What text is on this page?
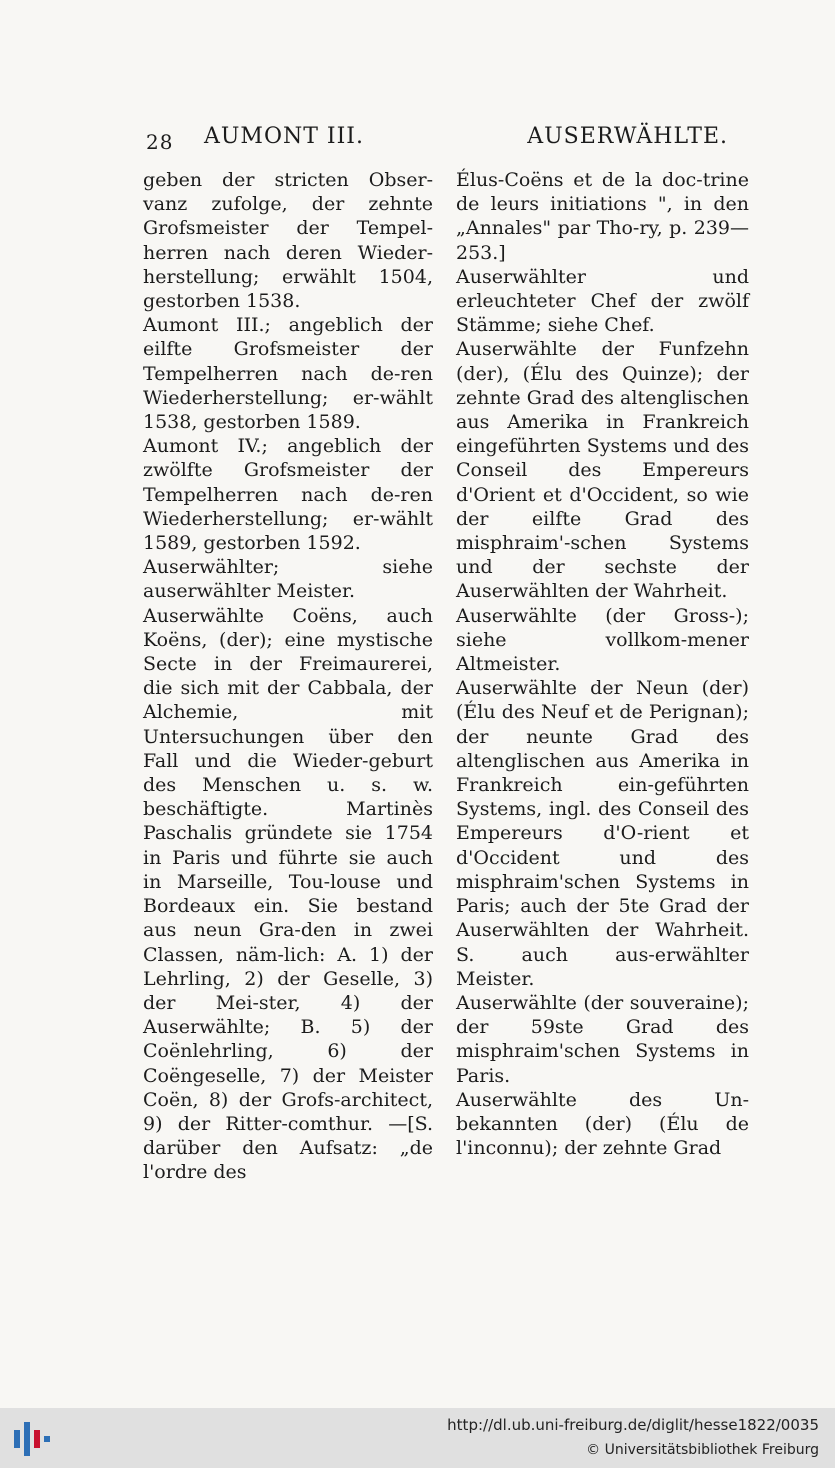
28 AUMONT III.	AUSERWÄHLTE.

geben der stricten Obser-vanz zufolge, der zehnte Grofsmeister der Tempel-herren nach deren Wieder-herstellung; erwählt 1504, gestorben 1538.

Aumont III.; angeblich der eilfte Grofsmeister der Tempelherren nach de-ren Wiederherstellung; er-wählt 1538, gestorben 1589.

Aumont IV.; angeblich der zwölfte Grofsmeister der Tempelherren nach de-ren Wiederherstellung; er-wählt 1589, gestorben 1592.

Auserwählter; siehe auserwählter Meister.

Auserwählte Coëns, auch Koëns, (der); eine mystische Secte in der Freimaurerei, die sich mit der Cabbala, der Alchemie, mit Untersuchungen über den Fall und die Wieder-geburt des Menschen u. s. w. beschäftigte. Martinès Paschalis gründete sie 1754 in Paris und führte sie auch in Marseille, Tou-louse und Bordeaux ein. Sie bestand aus neun Gra-den in zwei Classen, näm-lich: A. 1) der Lehrling, 2) der Geselle, 3) der Mei-ster, 4) der Auserwählte; B. 5) der Coënlehrling, 6) der Coëngeselle, 7) der Meister Coën, 8) der Grofs-architect, 9) der Ritter-comthur. —[S. darüber den Aufsatz: „de l'ordre des

Élus-Coëns et de la doc-trine de leurs initiations ", in den „Annales" par Tho-ry, p. 239—253.]

Auserwählter und erleuchteter Chef der zwölf Stämme; siehe Chef.

Auserwählte der Funfzehn (der), (Élu des Quinze); der zehnte Grad des altenglischen aus Amerika in Frankreich eingeführten Systems und des Conseil des Empereurs d'Orient et d'Occident, so wie der eilfte Grad des misphraim'-schen Systems und der sechste der Auserwählten der Wahrheit.

Auserwählte (der Gross-); siehe vollkom-mener Altmeister.

Auserwählte der Neun (der) (Élu des Neuf et de Perignan); der neunte Grad des altenglischen aus Amerika in Frankreich ein-geführten Systems, ingl. des Conseil des Empereurs d'O-rient et d'Occident und des misphraim'schen Systems in Paris; auch der 5te Grad der Auserwählten der Wahrheit. S. auch aus-erwählter Meister.

Auserwählte (der souveraine); der 59ste Grad des misphraim'schen Systems in Paris.

Auserwählte des Un-bekannten (der) (Élu de l'inconnu); der zehnte Grad

http://dl.ub.uni-freiburg.de/diglit/hesse1822/0035
© Universitätsbibliothek Freiburg
